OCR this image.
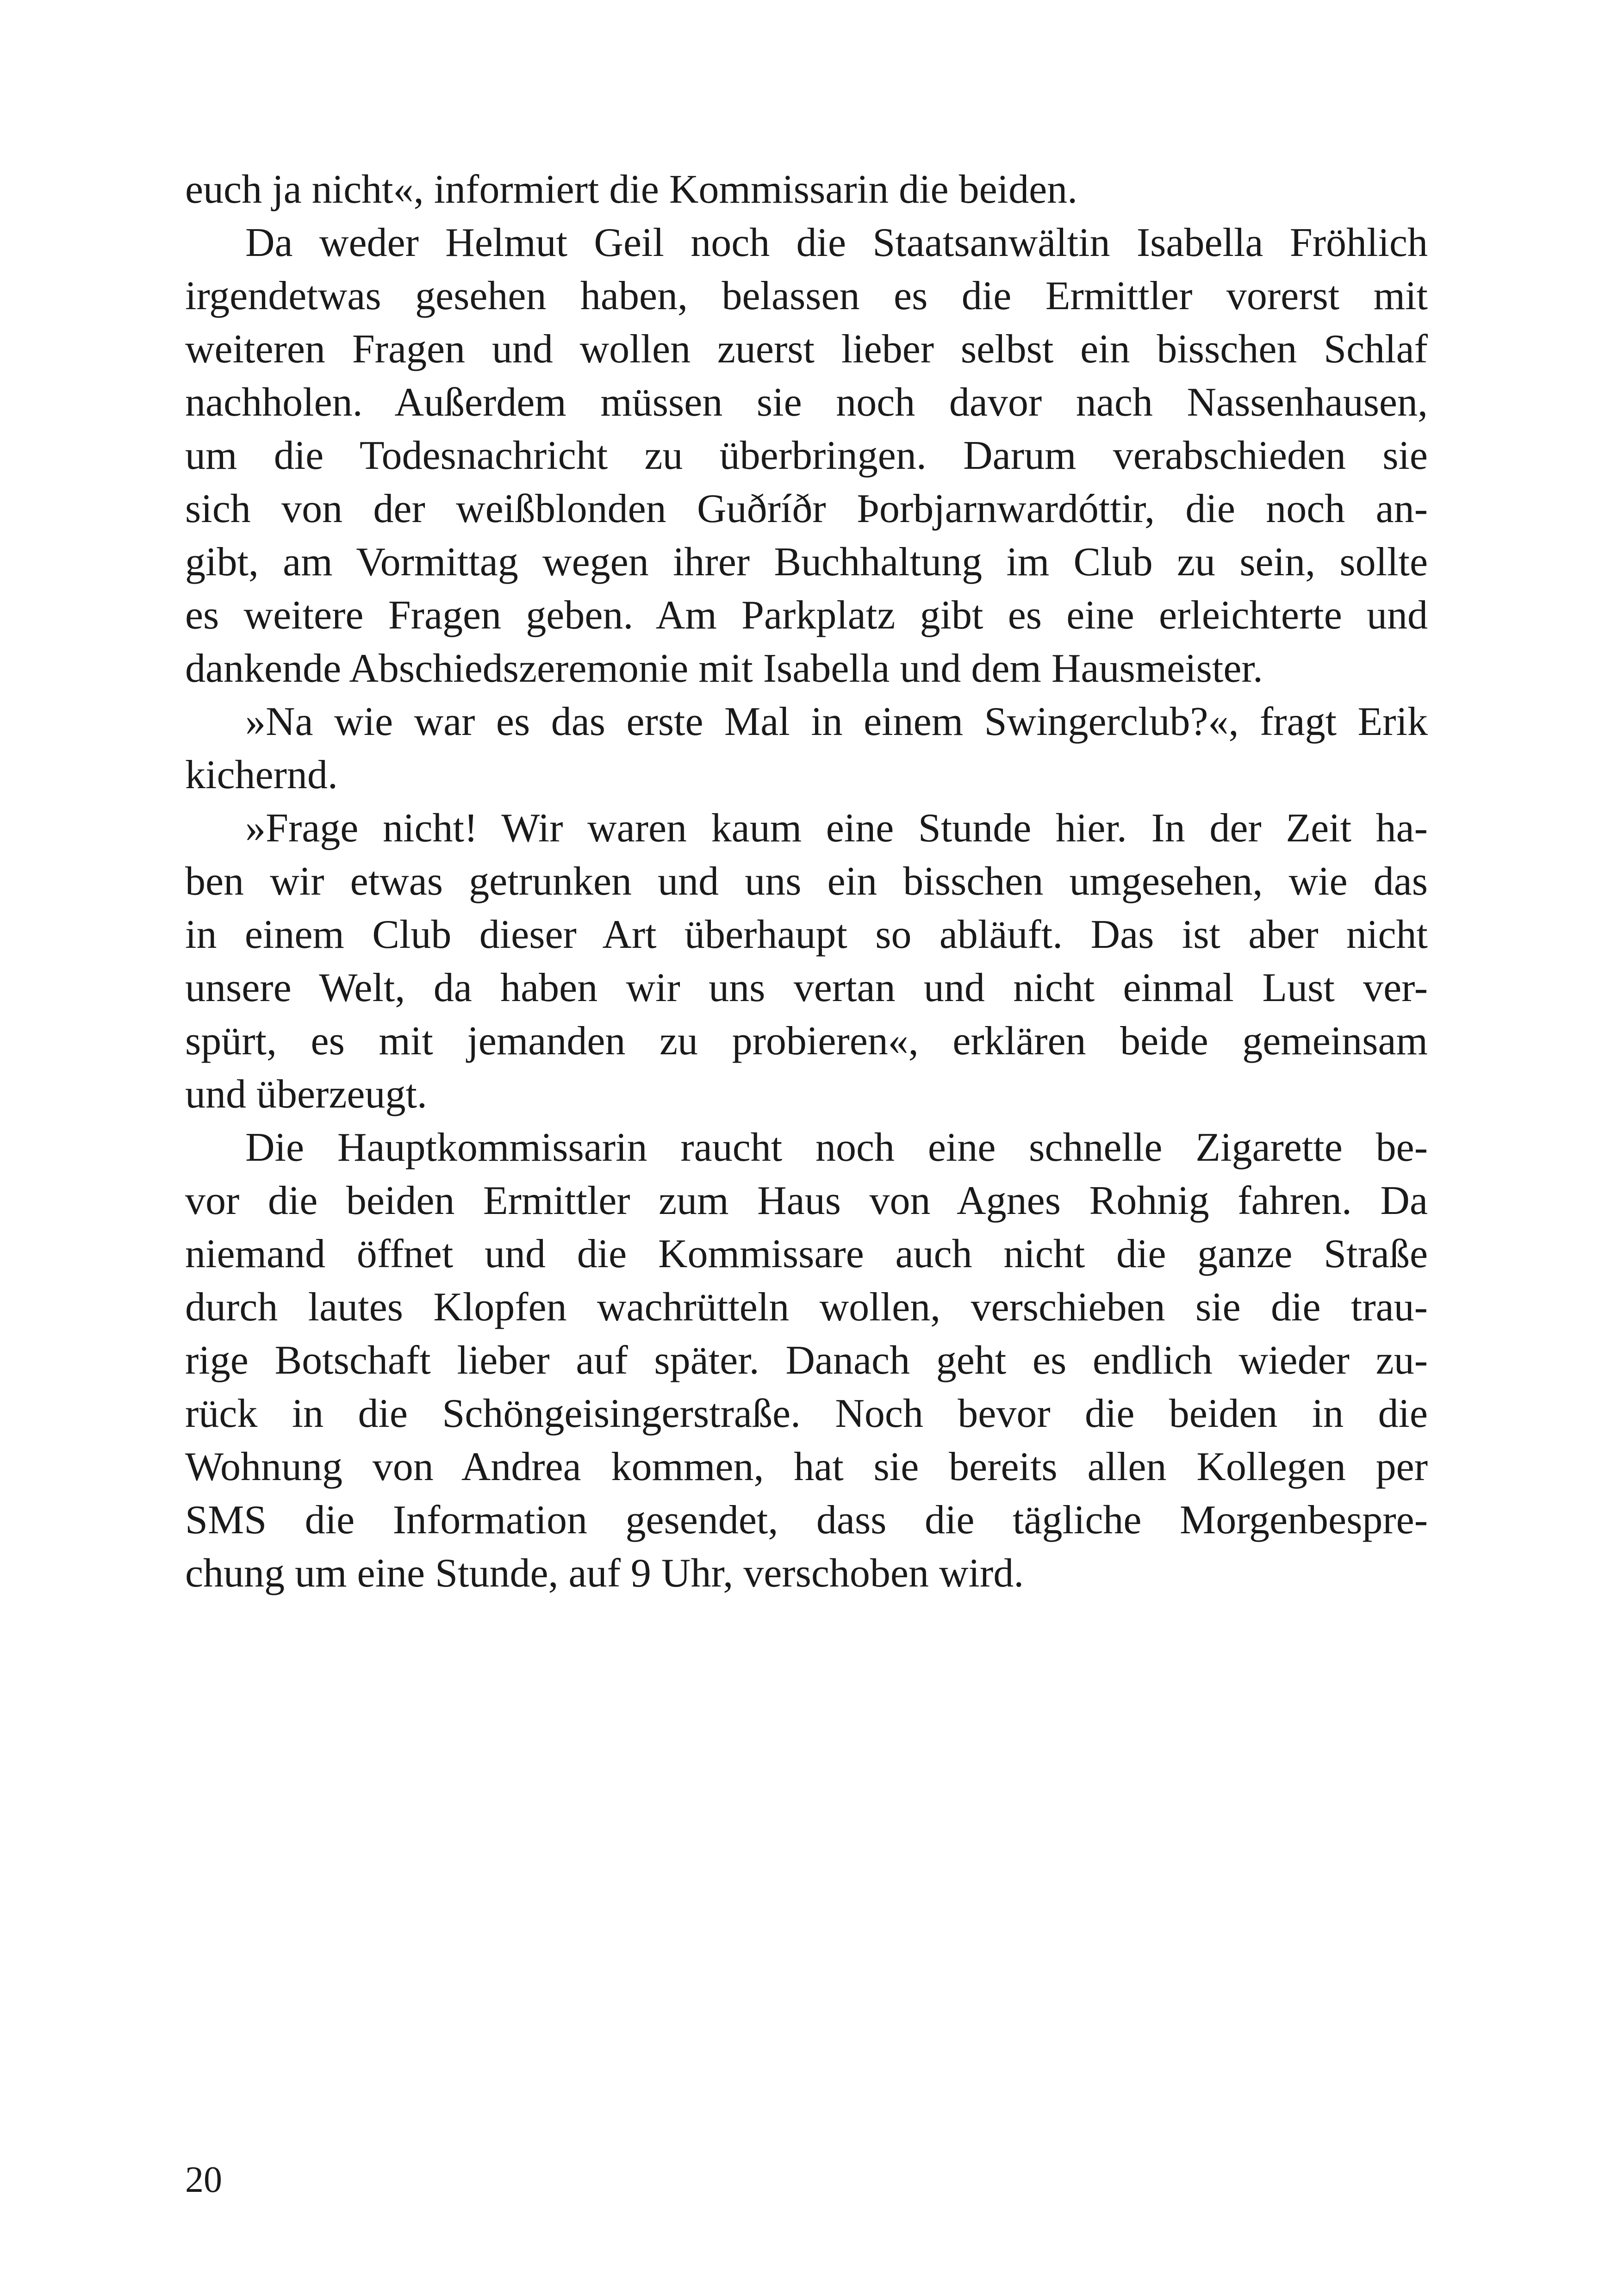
euch ja nicht«, informiert die Kommissarin die beiden.
Da weder Helmut Geil noch die Staatsanwältin Isabella Fröhlich
irgendetwas gesehen haben, belassen es die Ermittler vorerst mit
weiteren Fragen und wollen zuerst lieber selbst ein bisschen Schlaf
nachholen. Außerdem müssen sie noch davor nach Nassenhausen,
um die Todesnachricht zu überbringen. Darum verabschieden sie
sich von der weißblonden Guðríðr Þorbjarnwardóttir, die noch an-
gibt, am Vormittag wegen ihrer Buchhaltung im Club zu sein, sollte
es weitere Fragen geben. Am Parkplatz gibt es eine erleichterte und
dankende Abschiedszeremonie mit Isabella und dem Hausmeister.
»Na wie war es das erste Mal in einem Swingerclub?«, fragt Erik
kichernd.
»Frage nicht! Wir waren kaum eine Stunde hier. In der Zeit ha-
ben wir etwas getrunken und uns ein bisschen umgesehen, wie das
in einem Club dieser Art überhaupt so abläuft. Das ist aber nicht
unsere Welt, da haben wir uns vertan und nicht einmal Lust ver-
spürt, es mit jemanden zu probieren«, erklären beide gemeinsam
und überzeugt.
Die Hauptkommissarin raucht noch eine schnelle Zigarette be-
vor die beiden Ermittler zum Haus von Agnes Rohnig fahren. Da
niemand öffnet und die Kommissare auch nicht die ganze Straße
durch lautes Klopfen wachrütteln wollen, verschieben sie die trau-
rige Botschaft lieber auf später. Danach geht es endlich wieder zu-
rück in die Schöngeisingerstraße. Noch bevor die beiden in die
Wohnung von Andrea kommen, hat sie bereits allen Kollegen per
SMS die Information gesendet, dass die tägliche Morgenbespre-
chung um eine Stunde, auf 9 Uhr, verschoben wird.
20
